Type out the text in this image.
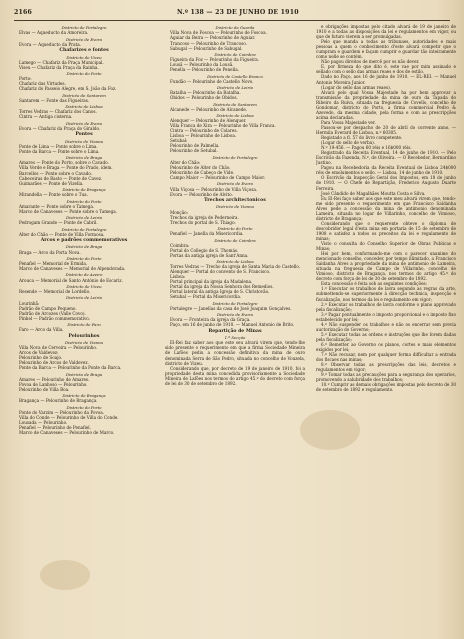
2166	N.º 138 — 23 DE JUNHO DE 1910

Districto de Portalegre

Elvas — Aqueducto da Amoreira.

Districto de Evora

Evora — Aqueducto da Prata.

Chafarizes e fontes

Districto de Vizeu

Lamego — Chafariz da Praça Municipal.

Viseu — Chafariz da Praça da Rainha.

Districto do Porto

Porto:

Chafariz das Virtudes.

Chafariz do Passeio Alegre, em S. João da Foz.

Districto de Santarem

Santarem — Fonte das Figueiras.

Districto de Lisboa

Torres Vedras — Chafariz dos Canos.

Cintra — Antiga cisterna.

Districto de Evora

Evora — Chafariz da Praça do Giraldo.

Pontes

Districto de Vianna

Ponte de Lima — Ponte sobre o Lima.

Ponte da Barca — Ponte sobre o Lima.

Districto de Braga

Amares — Ponte do Porto, sobre o Cavado.

Villa Verde e Braga — Ponte do Prado, idem.

Barcellos — Ponte sobre o Cavado.

Cabeceiras de Basto — Ponte de Cavez.

Guimarães — Ponte de Vizella.

Districto de Bragança

Mirandella — Ponte sobre o Tua.

Districto do Porto

Amarante — Ponte sobre o Tamega.

Marco de Canaveses — Ponte sobre o Tamega.

Districto de Leiria

Pedrogam Grande — Ponte de Cabril.

Districto de Portalegre

Alter do Chão — Ponte de Villa Formosa.

Arcos e padrões commemorativos

Districto de Braga

Braga — Arco da Porta Nova.

Districto do Porto

Penafiel — Memorial de Ermida.

Marco de Canaveses — Memorial de Alpendorada.

Districto de Aveiro

Arouca — Memorial de Santo António de Escariz.

Districto de Vizeu

Resende — Memorial de Lordello.

Districto de Leiria

Lourinhã:

Padrão de Campo Pequeno.

Padrão de Arcozes (Valle Covo).

Pinhel — Padrão commemorativo.

Districto de Faro

Faro — Arco da Villa.

Pelourinhos

Districto de Vianna

Villa Nova de Cerveira — Pelourinho.

Arcos de Valdevez:

Pelourinho de Soajo.

Pelourinho de Arcos de Valdevez.

Ponte da Barca — Pelourinho da Ponte da Barca.

Districto de Braga

Amares — Pelourinho de Amares.

Povoa de Lanhoso — Pelourinho.

Pelourinho de Villa Boa.

Districto de Bragança

Bragança — Pelourinho de Bragança.

Districto do Porto

Ponte do Varzim — Pelourinho da Povoa.

Villa do Conde — Pelourinho de Villa do Conde.

Lousada — Pelourinho.

Penafiel — Pelourinho de Penafiel.

Marco de Canaveses — Pelourinho de Marco.

Districto da Guarda

Villa Nova de Foscoa — Pelourinho de Foscoa.

Aguiar da Beira — Pelourinho de Aguiar.

Trancoso — Pelourinho de Trancoso.

Sabugal — Pelourinho de Sabugal.

Districto de Coimbra

Figueira da Foz — Pelourinho da Figueira.

Lousã — Pelourinho da Lousã.

Penella — Pelourinho de Penella.

Districto de Castello Branco

Fundão — Pelourinho de Castello Novo.

Districto de Leiria

Batalha — Pelourinho da Batalha.

Obidos — Pelourinho de Obidos.

Districto de Santarem

Alcanede — Pelourinho de Alcanede.

Districto de Lisboa

Alenquer — Pelourinho de Alenquer.

Villa Franca de Xira — Pelourinho de Villa Franca.

Cintra — Pelourinho de Colares.

Lisboa — Pelourinho de Lisboa.

Setubal:

Pelourinho de Palmella.

Pelourinho de Setubal.

Districto de Portalegre

Alter do Chão:

Pelourinho de Alter do Chão.

Pelourinho de Cabeço de Vide.

Campo Maior — Pelourinho de Campo Maior.

Districto de Evora

Villa Viçosa — Pelourinho de Villa Viçosa.

Evora — Pelourinho de Alvito.

Trechos architectonicos

Districto de Vianna

Monção:

Trechos da igreja de Pederneira.

Trechos do portal de S. Thiago.

Districto do Porto

Penafiel — Janella da Misericordia.

Districto de Coimbra

Coimbra:

Portal do Collegio de S. Thomás.

Portas da antiga igreja de Sant'Anna.

Districto de Lisboa

Torres Vedras — Trecho da igreja de Santa Maria do Castello.

Alenquer — Portal do convento de S. Francisco.

Lisboa:

Portal principal da igreja da Madalena.

Portal da igreja da Nossa Senhora dos Remedios.

Portal lateral da antiga Igreja de S. Christovão.

Setubal — Portal da Misericordia.

Districto de Portalegre

Portalegre — Janellas da casa de José Joaquim Gonçalves.

Districto de Evora

Evora — Fronteira da igreja da Graça.

Paço, em 16 de junho de 1910. — Manuel Antonio de Brito.

Repartição de Minas

1.ª Secção

El-Rei faz saber aos que este seu alvará virem que, tendo-lhe sido presente o requerimento em que a firma Sociedade Mineira de Lafões pediu a concessão definitiva da mina de ouro denominada Serra de São Pedro, situada no concelho de Vouzela, districto de Vizeu.

Considerando que, por decreto de 19 de janeiro de 1910, foi a propriedade desta mina concedida provisoriamente a Sociedade Mineira de Lafões nos termos do artigo 45.º do decreto com força de lei de 30 de setembro de 1892.

e obrigações impostas pelo citado alvará de 19 de janeiro de 1910 e a todas as disposições da lei e regulamentos em vigor, ou que de futuro vierem a ser promulgadas.

Pelo que manda a todas as tribunaes, autoridades e mais pessoas a quem o conhecimento d'este alvará competir que o cumpram e guardem e façam cumprir e guardar tão inteiramente como nelle se contém.

Não pagou direitos de mercê por os não dever.

E, por firmeza do que dito é, este vae por mim assinado e sellado com o sello das armas reaes e dos de estilo.

Dado no Paço, aos 16 de junho de 1910. — EL-REI. — Manuel Antonio Moreira Junior.

(Logar do sello das armas reaes).

Alvará pelo qual Vossa Majestade ha por bem approvar a transmissão da propriedade da mina de ouro da Tapada do Ribeiro da Ruiva, situada na freguesia de Covello, concelho de Gondomar, districto do Porto, a firma commercial Pedro & Azevedo, da mesma cidade, pela forma e com as prescripções acima declaradas.

Para Vossa Majestade ver.

Passou-se por despacho de 20 de abril do corrente anno. — Hermila Everard de Lisboa, n.º 60305.

Registado a fl. 57 do livro competente.

(Logar do sello de verba).

N.º 19:456. — Pagou 60 réis e 16$000 réis.

Registrado da Receita Eventual, 14 de junho de 1910. — Pelo Escrivão da Fazenda, N.º, de Oliveira. — O Recebedor, Bernardino Justino.

Pagou na Recebedoria da Receita Eventual de Lisboa 24$000 réis de emolumentos e sello. — Lisboa, 14 de junho de 1910.

O Escrivão da Inspecção Geral dos Impostos, em 18 de junho de 1910. — O Chefe de Repartição, Frederico Augusto Duarte Ferreira.

José Cândido de Magalhães Moutta Costa e Silva.

Eu El-Rei faço saber aos que este meu alvará virem que, tendo-me sido presente o requerimento em que Francisco Saldanha Alves pede a concessão da mina de antimonio denominada Lameira, situada no logar de Villarinho, concelho de Vimioso, districto de Bragança;

Considerando que o requerente obteve o diploma de descobridor legal d'esta mina em portaria de 15 de setembro de 1908 e satisfez a todos os preceitos da lei e regulamento de minas;

Visto o consulta do Conselho Superior de Obras Publicas e Minas;

Hei por bem, conformando-me com o parecer unanime do mencionado conselho, conceder, por tempo illimitado, a Francisco Saldanha Alves a propriedade da mina de antimonio de Lameira, situada na freguesia de Campo de Villarinho, concelho de Vimioso, districto de Bragança, nos termos do artigo 45.º do decreto com força de lei de 30 de setembro de 1892.

Esta concessão é feita sob as seguintes condições:

1.º Executar os trabalhos de lavra segundo as regras da arte, submettendo-se superiormente á direcção technica, inspecção e fiscalização, nos termos da lei e regulamento em vigor;

2.º Executar os trabalhos de lavra conforme o plano approvado pela fiscalização;

3.º Pagar pontualmente o imposto proporcional e o imposto fixo estabelecido por lei;

4.º Não suspender os trabalhos e não os encerrar sem previa auctorização do Governo;

5.º Executar todas as ordens e instruções que lhe forem dadas pela fiscalização;

6.º Remetter ao Governo os planos, cortes e mais elementos exigidos por lei;

7.º Não recusar, nem por qualquer forma difficultar a entrada dos fiscaes nas minas;

8.º Observar todas as prescripções das leis, decretos e regulamentos em vigor;

9.º Tomar todas as precauções para a segurança dos operarios, promovendo a salubridade dos trabalhos;

10.º Cumprir as demais obrigações impostas pelo decreto de 30 de setembro de 1892 e regulamento.
